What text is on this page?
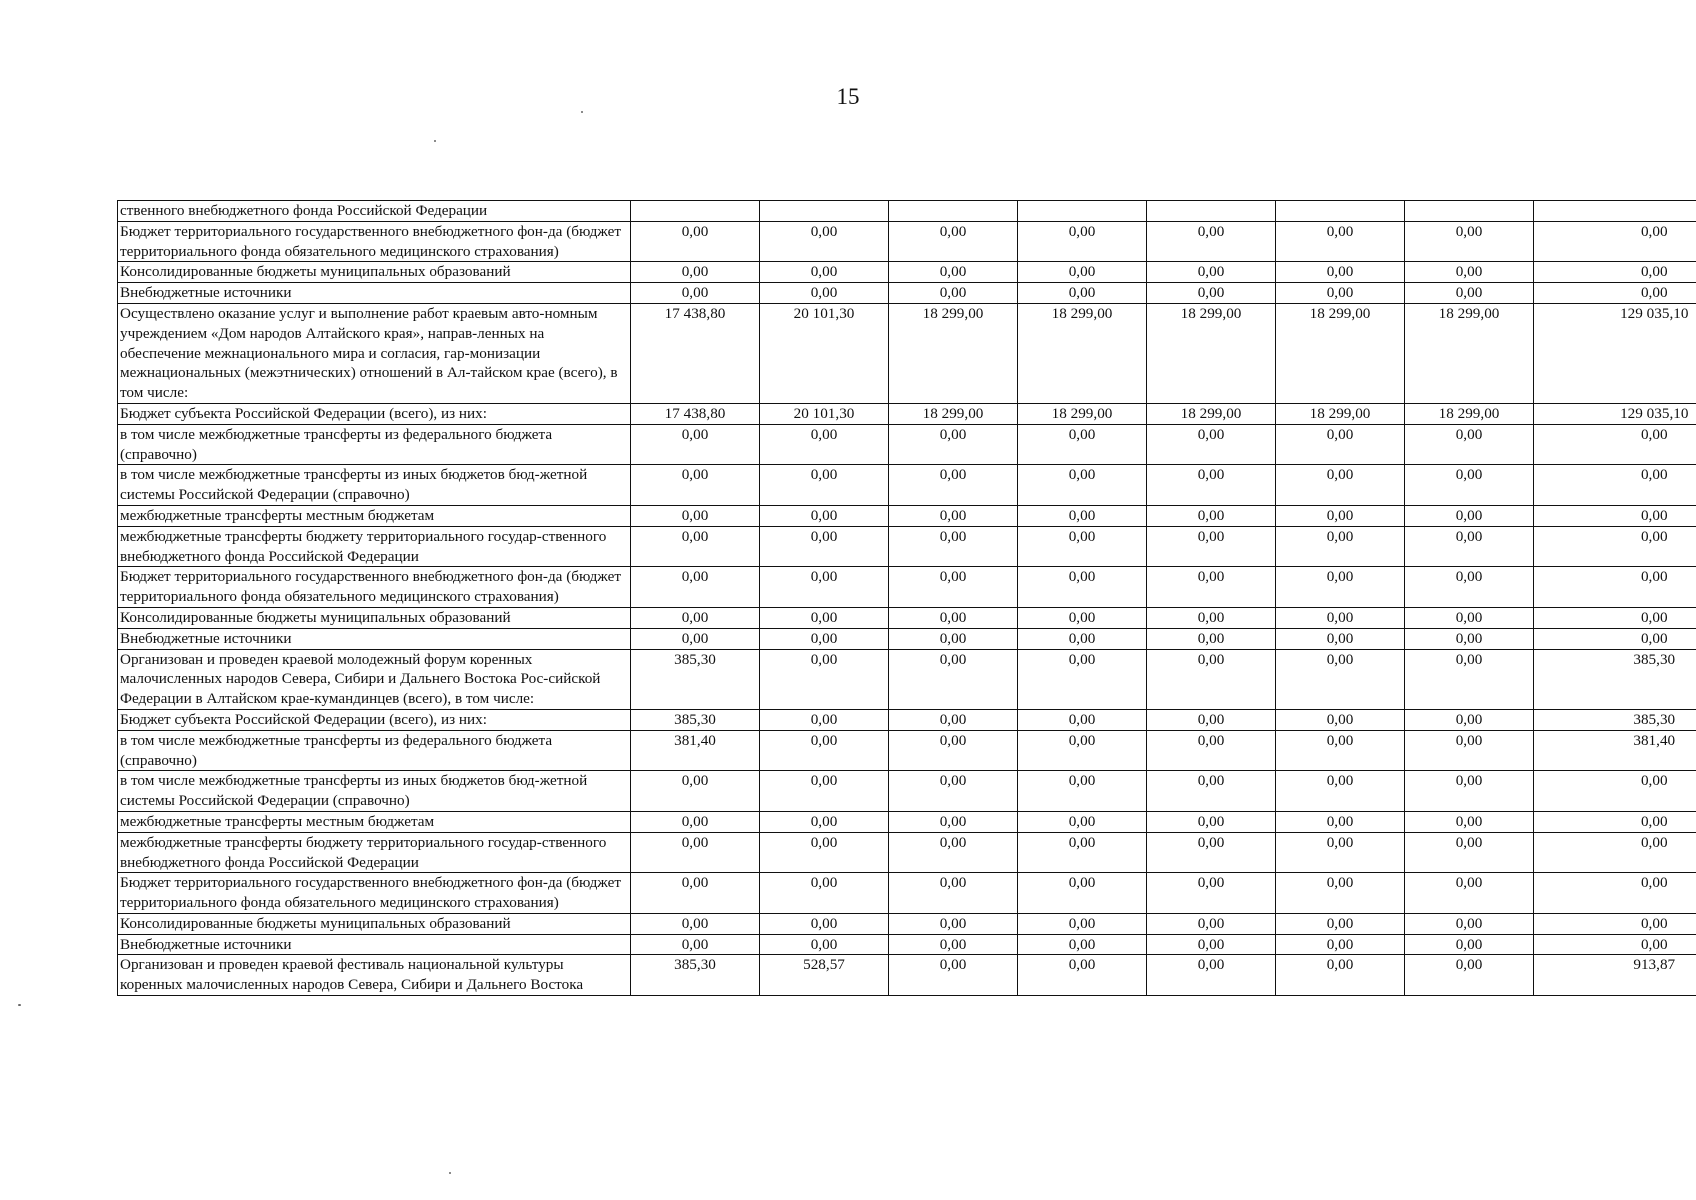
15
ственного внебюджетного фонда Российской Федерации								
Бюджет территориального государственного внебюджетного фон-да (бюджет территориального фонда обязательного медицинского страхования)	0,00	0,00	0,00	0,00	0,00	0,00	0,00	0,00
Консолидированные бюджеты муниципальных образований	0,00	0,00	0,00	0,00	0,00	0,00	0,00	0,00
Внебюджетные источники	0,00	0,00	0,00	0,00	0,00	0,00	0,00	0,00
Осуществлено оказание услуг и выполнение работ краевым авто-номным учреждением «Дом народов Алтайского края», направ-ленных на обеспечение межнационального мира и согласия, гар-монизации межнациональных (межэтнических) отношений в Ал-тайском крае (всего), в том числе:	17 438,80	20 101,30	18 299,00	18 299,00	18 299,00	18 299,00	18 299,00	129 035,10
Бюджет субъекта Российской Федерации (всего), из них:	17 438,80	20 101,30	18 299,00	18 299,00	18 299,00	18 299,00	18 299,00	129 035,10
в том числе межбюджетные трансферты из федерального бюджета (справочно)	0,00	0,00	0,00	0,00	0,00	0,00	0,00	0,00
в том числе межбюджетные трансферты из иных бюджетов бюд-жетной системы Российской Федерации (справочно)	0,00	0,00	0,00	0,00	0,00	0,00	0,00	0,00
межбюджетные трансферты местным бюджетам	0,00	0,00	0,00	0,00	0,00	0,00	0,00	0,00
межбюджетные трансферты бюджету территориального государ-ственного внебюджетного фонда Российской Федерации	0,00	0,00	0,00	0,00	0,00	0,00	0,00	0,00
Бюджет территориального государственного внебюджетного фон-да (бюджет территориального фонда обязательного медицинского страхования)	0,00	0,00	0,00	0,00	0,00	0,00	0,00	0,00
Консолидированные бюджеты муниципальных образований	0,00	0,00	0,00	0,00	0,00	0,00	0,00	0,00
Внебюджетные источники	0,00	0,00	0,00	0,00	0,00	0,00	0,00	0,00
Организован и проведен краевой молодежный форум коренных малочисленных народов Севера, Сибири и Дальнего Востока Рос-сийской Федерации в Алтайском крае-кумандинцев (всего), в том числе:	385,30	0,00	0,00	0,00	0,00	0,00	0,00	385,30
Бюджет субъекта Российской Федерации (всего), из них:	385,30	0,00	0,00	0,00	0,00	0,00	0,00	385,30
в том числе межбюджетные трансферты из федерального бюджета (справочно)	381,40	0,00	0,00	0,00	0,00	0,00	0,00	381,40
в том числе межбюджетные трансферты из иных бюджетов бюд-жетной системы Российской Федерации (справочно)	0,00	0,00	0,00	0,00	0,00	0,00	0,00	0,00
межбюджетные трансферты местным бюджетам	0,00	0,00	0,00	0,00	0,00	0,00	0,00	0,00
межбюджетные трансферты бюджету территориального государ-ственного внебюджетного фонда Российской Федерации	0,00	0,00	0,00	0,00	0,00	0,00	0,00	0,00
Бюджет территориального государственного внебюджетного фон-да (бюджет территориального фонда обязательного медицинского страхования)	0,00	0,00	0,00	0,00	0,00	0,00	0,00	0,00
Консолидированные бюджеты муниципальных образований	0,00	0,00	0,00	0,00	0,00	0,00	0,00	0,00
Внебюджетные источники	0,00	0,00	0,00	0,00	0,00	0,00	0,00	0,00
Организован и проведен краевой фестиваль национальной культуры коренных малочисленных народов Севера, Сибири и Дальнего Востока	385,30	528,57	0,00	0,00	0,00	0,00	0,00	913,87
